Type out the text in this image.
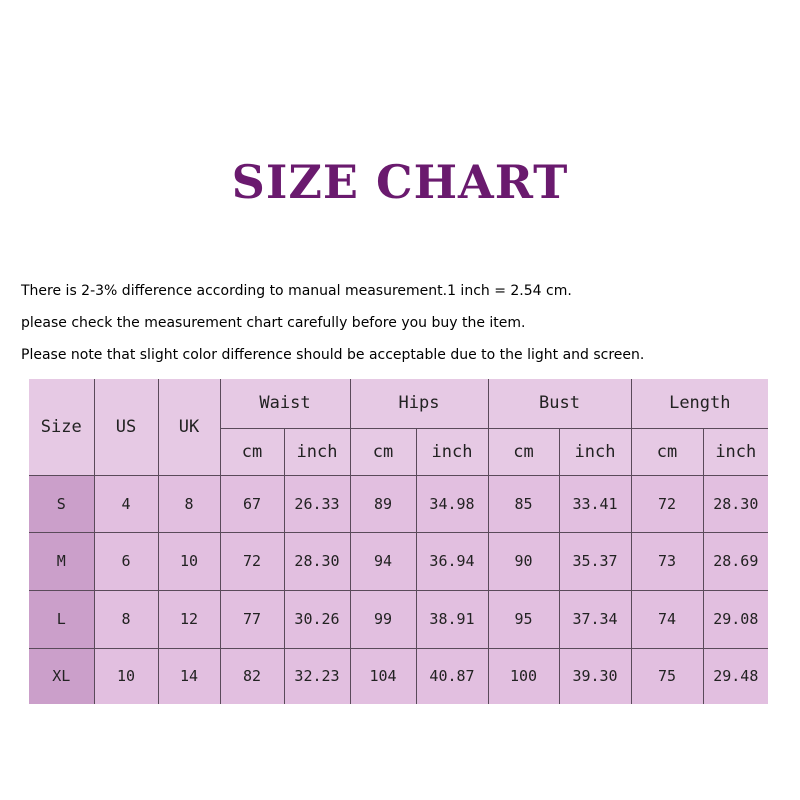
SIZE CHART
There is 2-3% difference according to manual measurement.1 inch = 2.54 cm.
please check the measurement chart carefully before you buy the item.
Please note that slight color difference should be acceptable due to the light and screen.
Size	US	UK	Waist		Hips		Bust		Length	
			cm	inch	cm	inch	cm	inch	cm	inch
S	4	8	67	26.33	89	34.98	85	33.41	72	28.30
M	6	10	72	28.30	94	36.94	90	35.37	73	28.69
L	8	12	77	30.26	99	38.91	95	37.34	74	29.08
XL	10	14	82	32.23	104	40.87	100	39.30	75	29.48
